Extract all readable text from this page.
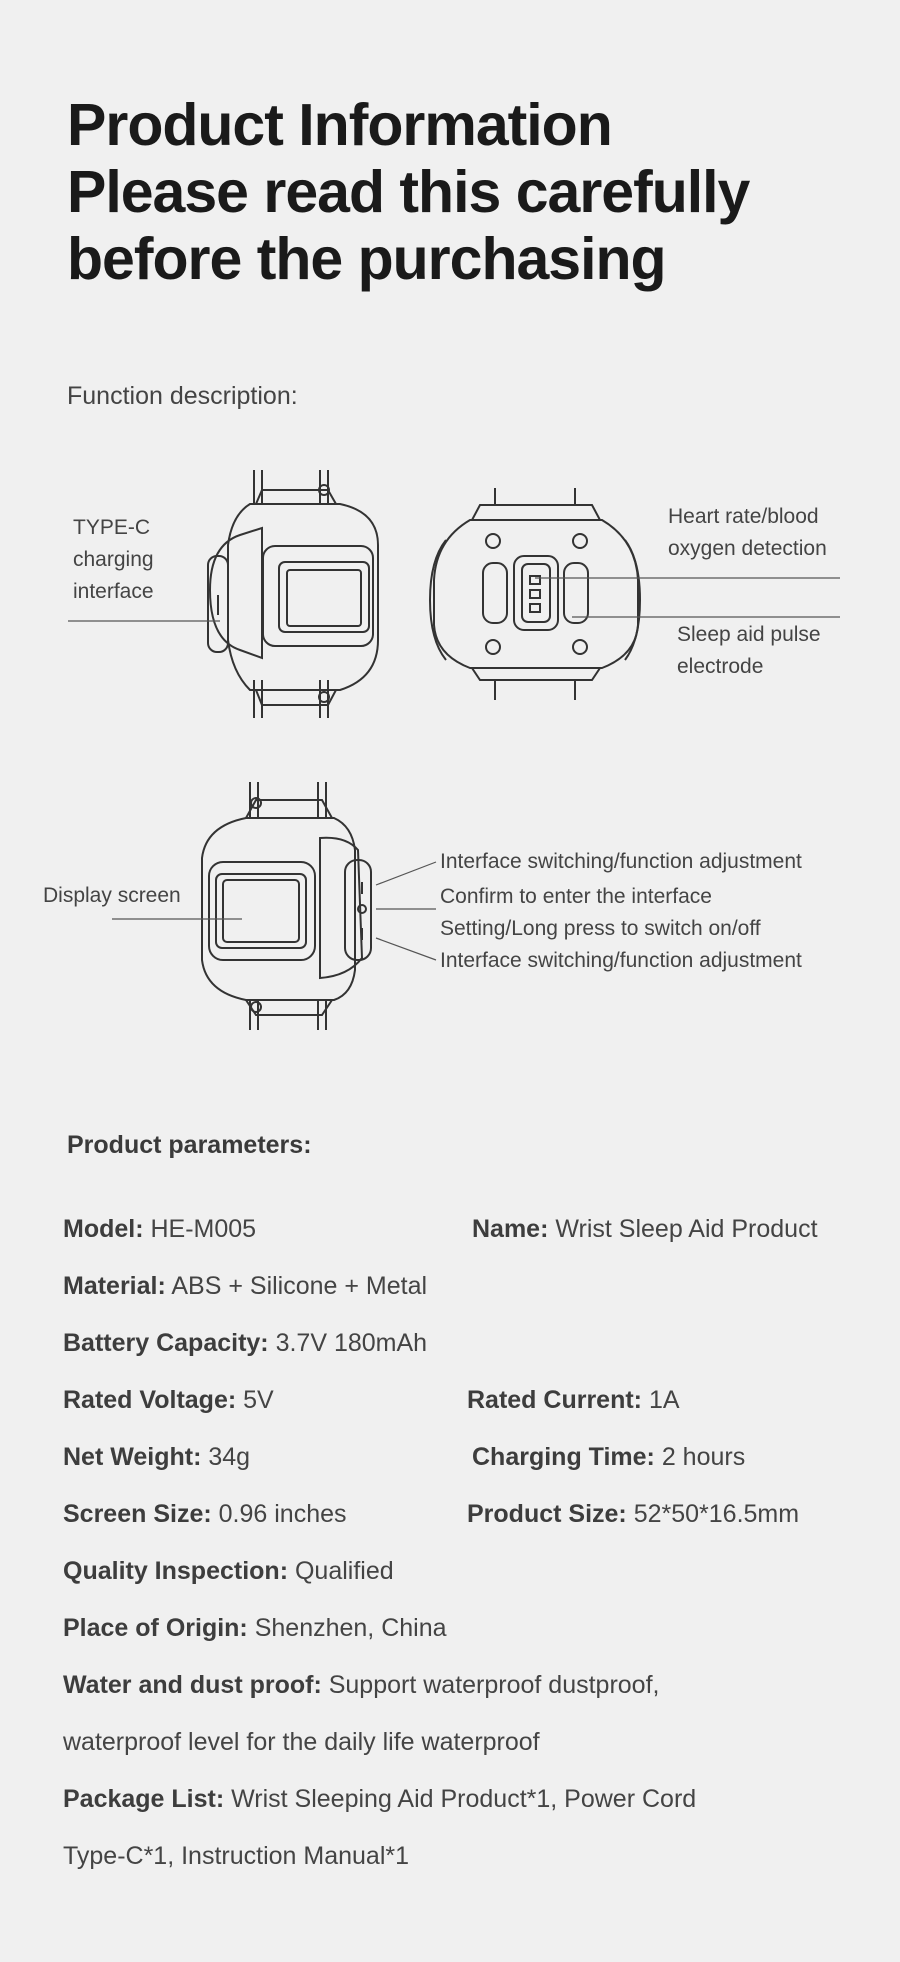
Product Information
Please read this carefully
before the purchasing
Function description:
TYPE-C
charging
interface
Heart rate/blood
oxygen detection
Sleep aid pulse
electrode
Display screen
Interface switching/function adjustment
Confirm to enter the interface
Setting/Long press to switch on/off
Interface switching/function adjustment
Product parameters:
Model: HE-M005	Name: Wrist Sleep Aid Product
Material: ABS + Silicone + Metal
Battery Capacity: 3.7V 180mAh
Rated Voltage: 5V	Rated Current: 1A
Net Weight: 34g	Charging Time: 2 hours
Screen Size: 0.96 inches	Product Size: 52*50*16.5mm
Quality Inspection: Qualified
Place of Origin: Shenzhen, China
Water and dust proof: Support waterproof dustproof,
waterproof level for the daily life waterproof
Package List: Wrist Sleeping Aid Product*1, Power Cord
Type-C*1, Instruction Manual*1
